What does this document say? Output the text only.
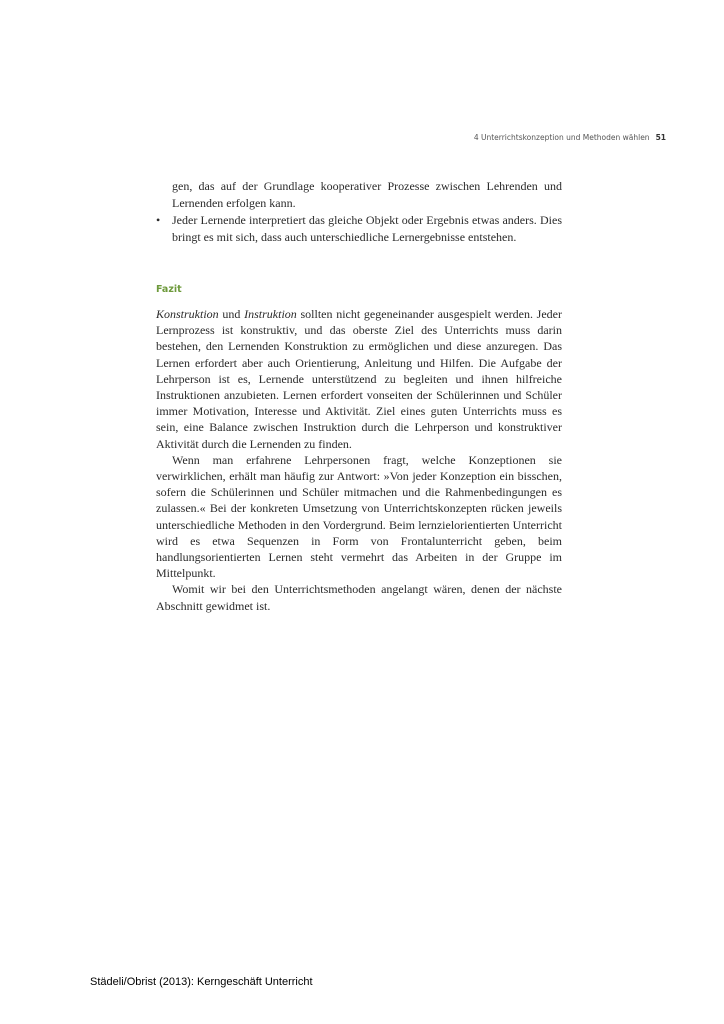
4 Unterrichtskonzeption und Methoden wählen 51

gen, das auf der Grundlage kooperativer Prozesse zwischen Lehrenden und Lernenden erfolgen kann.

• Jeder Lernende interpretiert das gleiche Objekt oder Ergebnis etwas anders. Dies bringt es mit sich, dass auch unterschiedliche Lernergebnisse entstehen.

Fazit

Konstruktion und Instruktion sollten nicht gegeneinander ausgespielt werden. Jeder Lernprozess ist konstruktiv, und das oberste Ziel des Unterrichts muss darin bestehen, den Lernenden Konstruktion zu ermöglichen und diese anzuregen. Das Lernen erfordert aber auch Orientierung, Anleitung und Hilfen. Die Aufgabe der Lehrperson ist es, Lernende unterstützend zu begleiten und ihnen hilfreiche Instruktionen anzubieten. Lernen erfordert vonseiten der Schülerinnen und Schüler immer Motivation, Interesse und Aktivität. Ziel eines guten Unterrichts muss es sein, eine Balance zwischen Instruktion durch die Lehrperson und konstruktiver Aktivität durch die Lernenden zu finden.

Wenn man erfahrene Lehrpersonen fragt, welche Konzeptionen sie verwirklichen, erhält man häufig zur Antwort: »Von jeder Konzeption ein bisschen, sofern die Schülerinnen und Schüler mitmachen und die Rahmenbedingungen es zulassen.« Bei der konkreten Umsetzung von Unterrichtskonzepten rücken jeweils unterschiedliche Methoden in den Vordergrund. Beim lernzielorientierten Unterricht wird es etwa Sequenzen in Form von Frontalunterricht geben, beim handlungsorientierten Lernen steht vermehrt das Arbeiten in der Gruppe im Mittelpunkt.

Womit wir bei den Unterrichtsmethoden angelangt wären, denen der nächste Abschnitt gewidmet ist.

Städeli/Obrist (2013): Kerngeschäft Unterricht
